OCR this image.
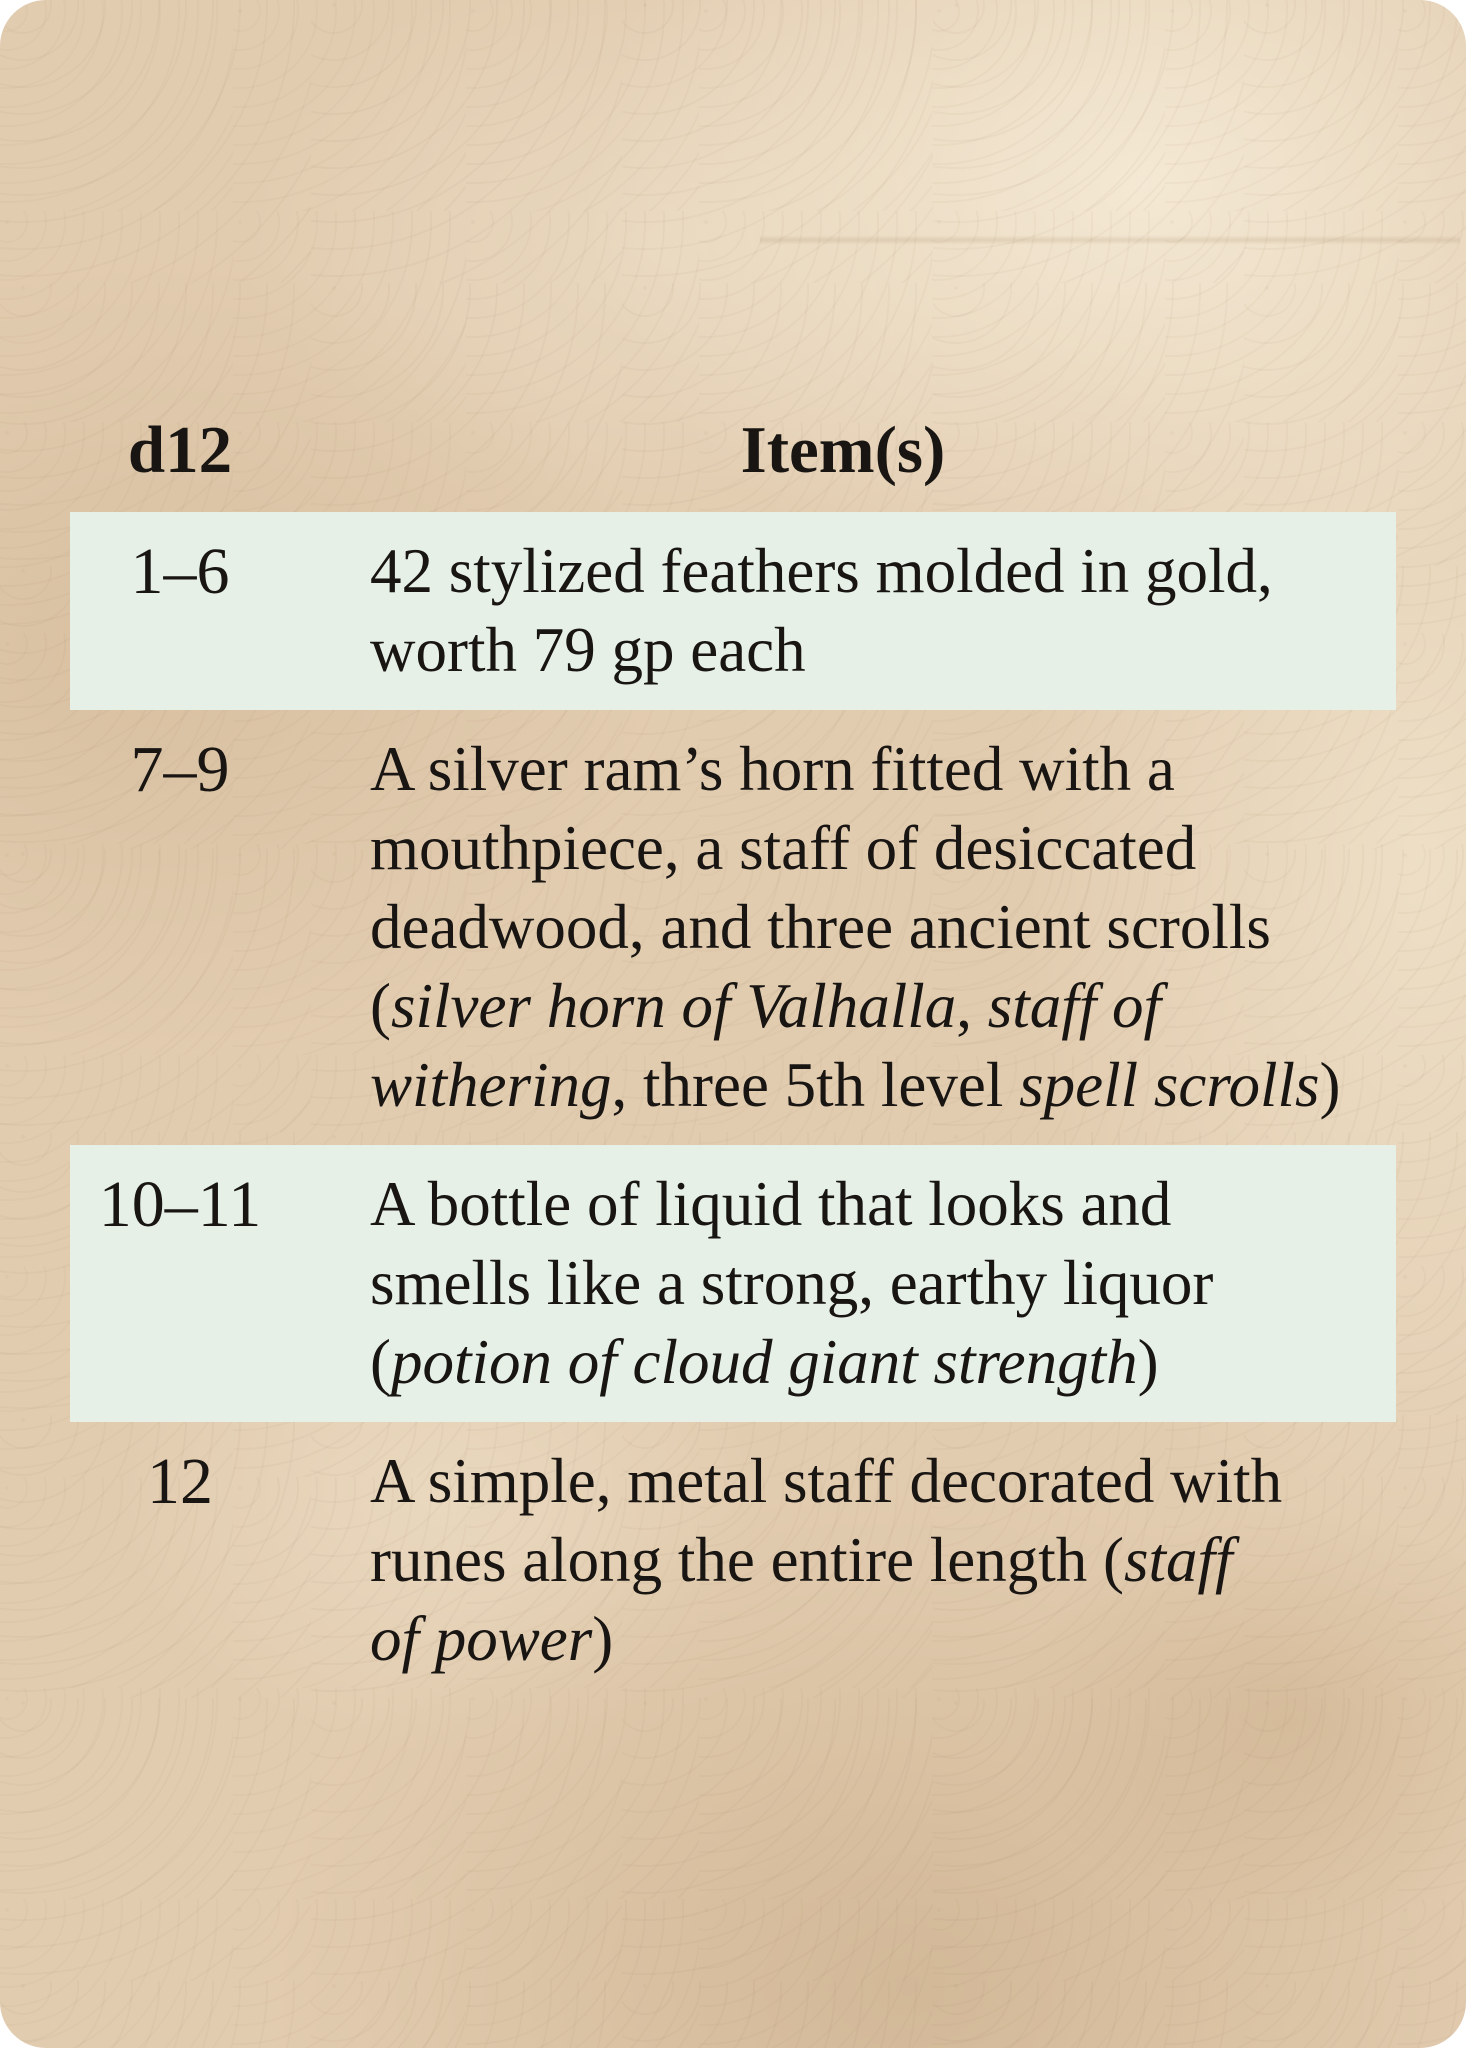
d12	Item(s)
1–6	42 stylized feathers molded in gold,
worth 79 gp each
7–9	A silver ram’s horn fitted with a
mouthpiece, a staff of desiccated
deadwood, and three ancient scrolls
(silver horn of Valhalla, staff of
withering, three 5th level spell scrolls)
10–11	A bottle of liquid that looks and
smells like a strong, earthy liquor
(potion of cloud giant strength)
12	A simple, metal staff decorated with
runes along the entire length (staff
of power)
